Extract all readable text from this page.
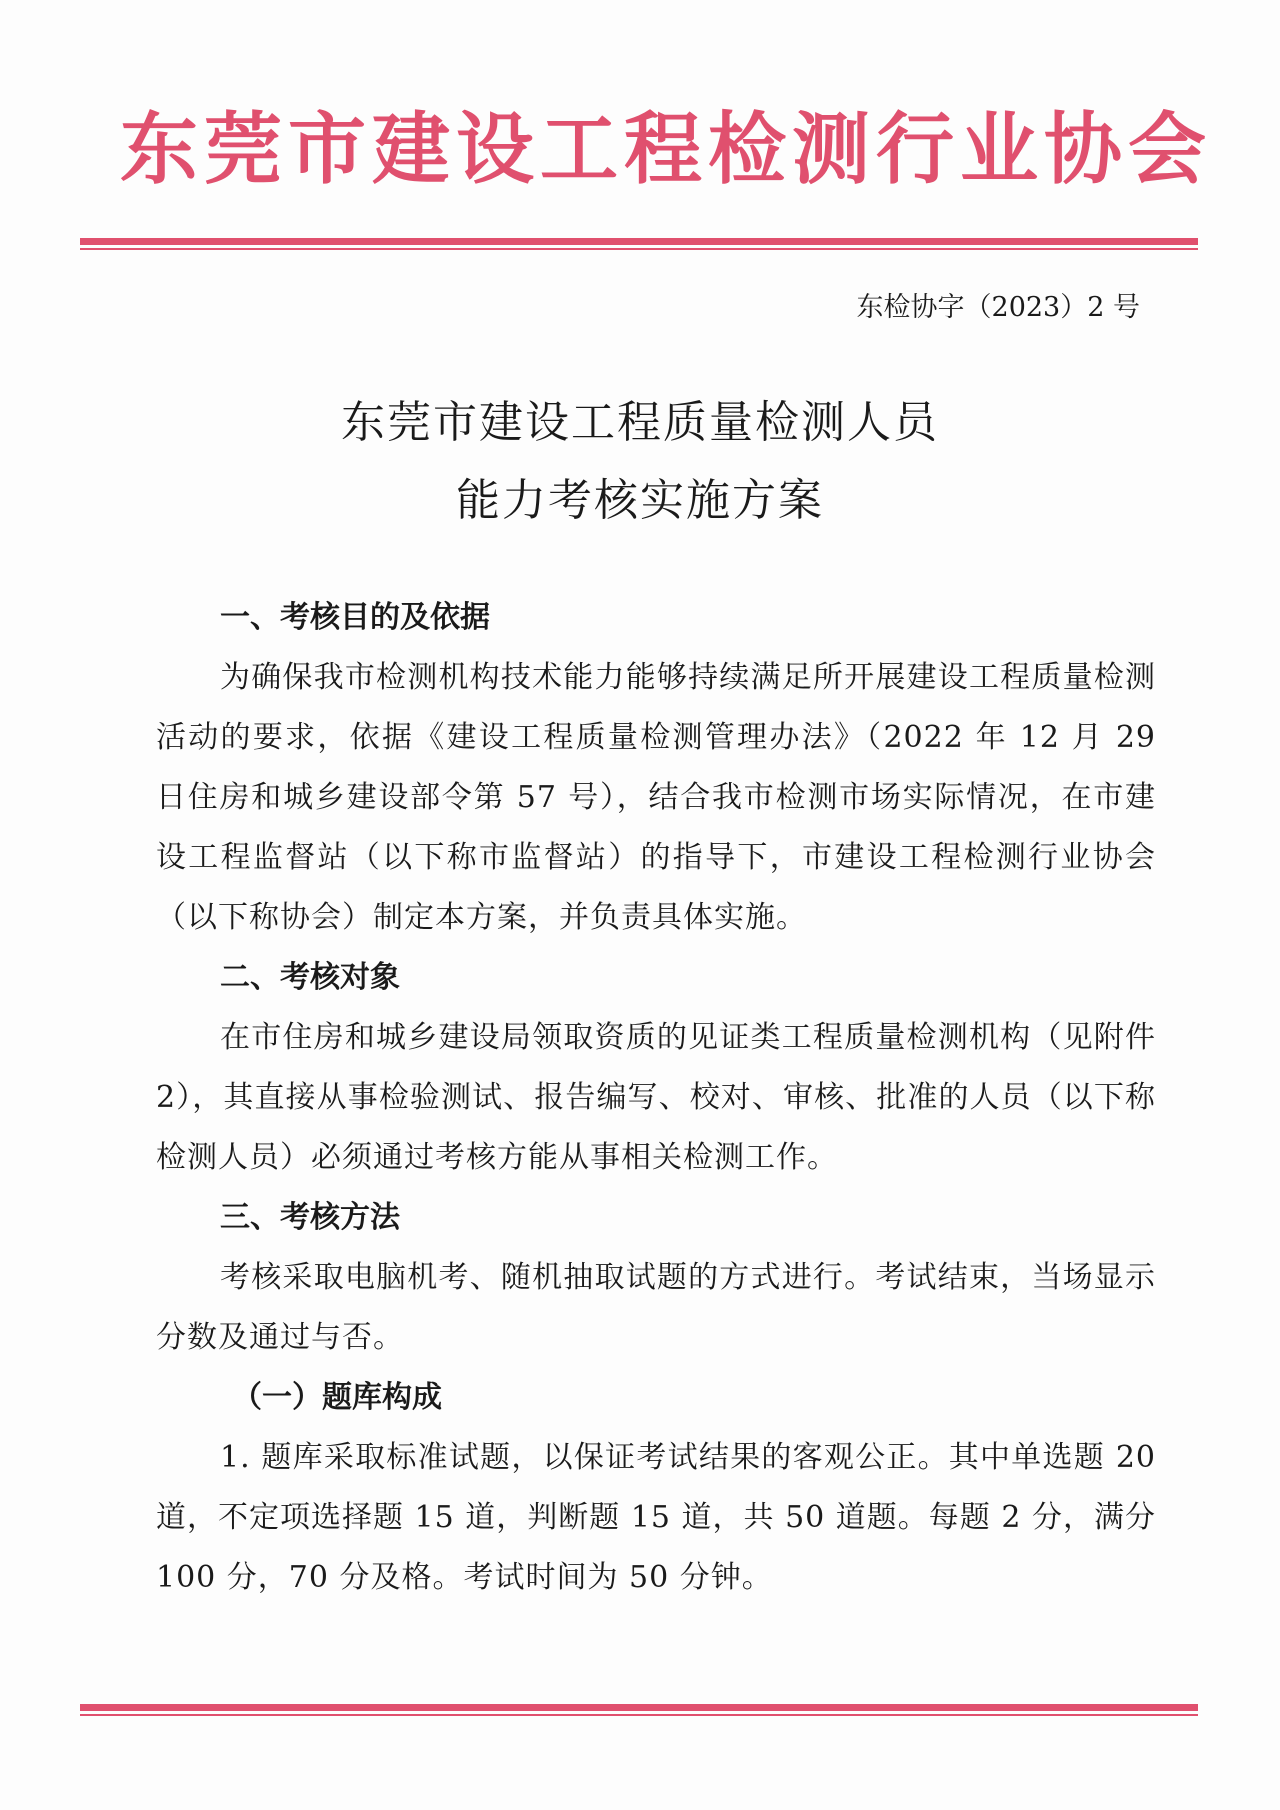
东莞市建设工程检测行业协会
东检协字（2023）2 号
东莞市建设工程质量检测人员
能力考核实施方案
一、考核目的及依据

为确保我市检测机构技术能力能够持续满足所开展建设工程质量检测活动的要求，依据《建设工程质量检测管理办法》（2022 年 12 月 29 日住房和城乡建设部令第 57 号），结合我市检测市场实际情况，在市建设工程监督站（以下称市监督站）的指导下，市建设工程检测行业协会（以下称协会）制定本方案，并负责具体实施。

二、考核对象

在市住房和城乡建设局领取资质的见证类工程质量检测机构（见附件 2），其直接从事检验测试、报告编写、校对、审核、批准的人员（以下称检测人员）必须通过考核方能从事相关检测工作。

三、考核方法

考核采取电脑机考、随机抽取试题的方式进行。考试结束，当场显示分数及通过与否。

（一）题库构成

1. 题库采取标准试题，以保证考试结果的客观公正。其中单选题 20 道，不定项选择题 15 道，判断题 15 道，共 50 道题。每题 2 分，满分 100 分，70 分及格。考试时间为 50 分钟。
